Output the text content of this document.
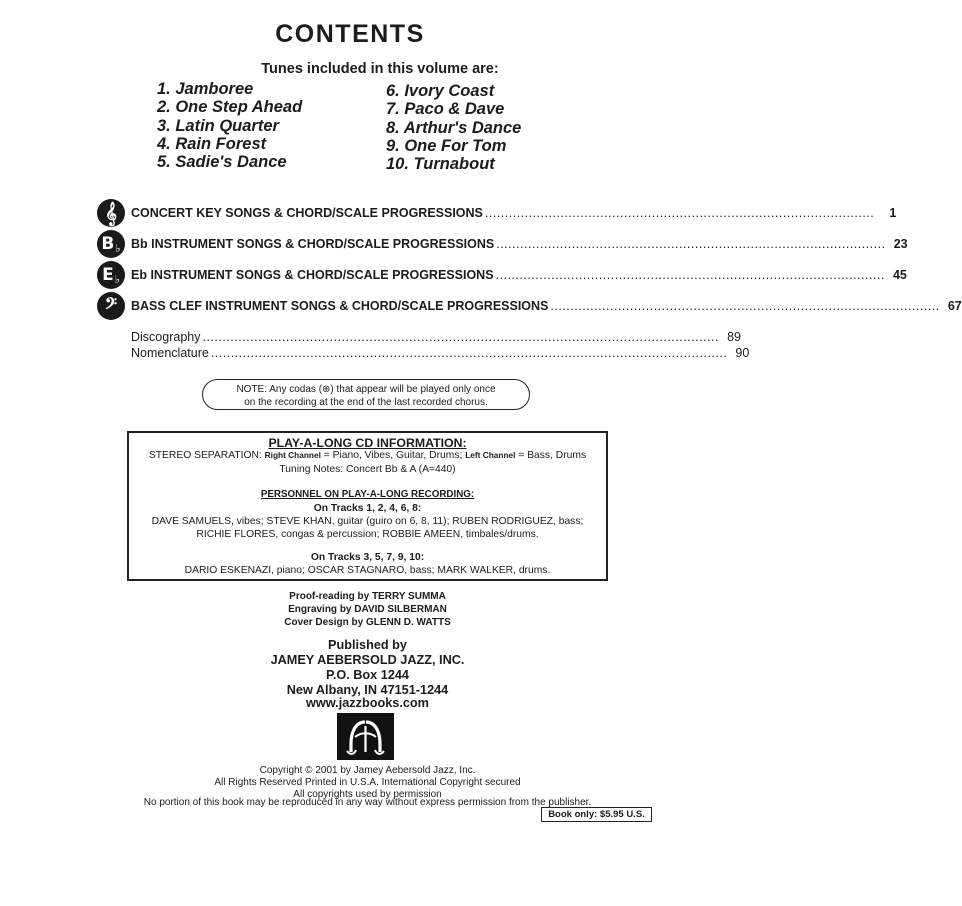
CONTENTS
Tunes included in this volume are:
1. Jamboree
2. One Step Ahead
3. Latin Quarter
4. Rain Forest
5. Sadie's Dance
6. Ivory Coast
7. Paco & Dave
8. Arthur's Dance
9. One For Tom
10. Turnabout
𝄞
B ♭
E ♭
𝄢
CONCERT KEY SONGS & CHORD/SCALE PROGRESSIONS ..................................................................................................	1
Bb INSTRUMENT SONGS & CHORD/SCALE PROGRESSIONS .................................................................................................. 23
Eb INSTRUMENT SONGS & CHORD/SCALE PROGRESSIONS .................................................................................................. 45
BASS CLEF INSTRUMENT SONGS & CHORD/SCALE PROGRESSIONS .................................................................................................. 67
Discography .................................................................................................................................. 89
Nomenclature .................................................................................................................................. 90
NOTE: Any codas (⊕) that appear will be played only once
on the recording at the end of the last recorded chorus.
PLAY-A-LONG CD INFORMATION:
STEREO SEPARATION: Right Channel = Piano, Vibes, Guitar, Drums; Left Channel = Bass, Drums
Tuning Notes: Concert Bb & A (A=440)
PERSONNEL ON PLAY-A-LONG RECORDING:
On Tracks 1, 2, 4, 6, 8:
DAVE SAMUELS, vibes; STEVE KHAN, guitar (guiro on 6, 8, 11); RUBEN RODRIGUEZ, bass;
RICHIE FLORES, congas & percussion; ROBBIE AMEEN, timbales/drums.
On Tracks 3, 5, 7, 9, 10:
DARIO ESKENAZI, piano; OSCAR STAGNARO, bass; MARK WALKER, drums.
Proof-reading by TERRY SUMMA
Engraving by DAVID SILBERMAN
Cover Design by GLENN D. WATTS
Published by
JAMEY AEBERSOLD JAZZ, INC.
P.O. Box 1244
New Albany, IN 47151-1244
www.jazzbooks.com
Copyright © 2001 by Jamey Aebersold Jazz, Inc.
All Rights Reserved Printed in U.S.A. International Copyright secured
All copyrights used by permission
No portion of this book may be reproduced in any way without express permission from the publisher.
Book only: $5.95 U.S.
